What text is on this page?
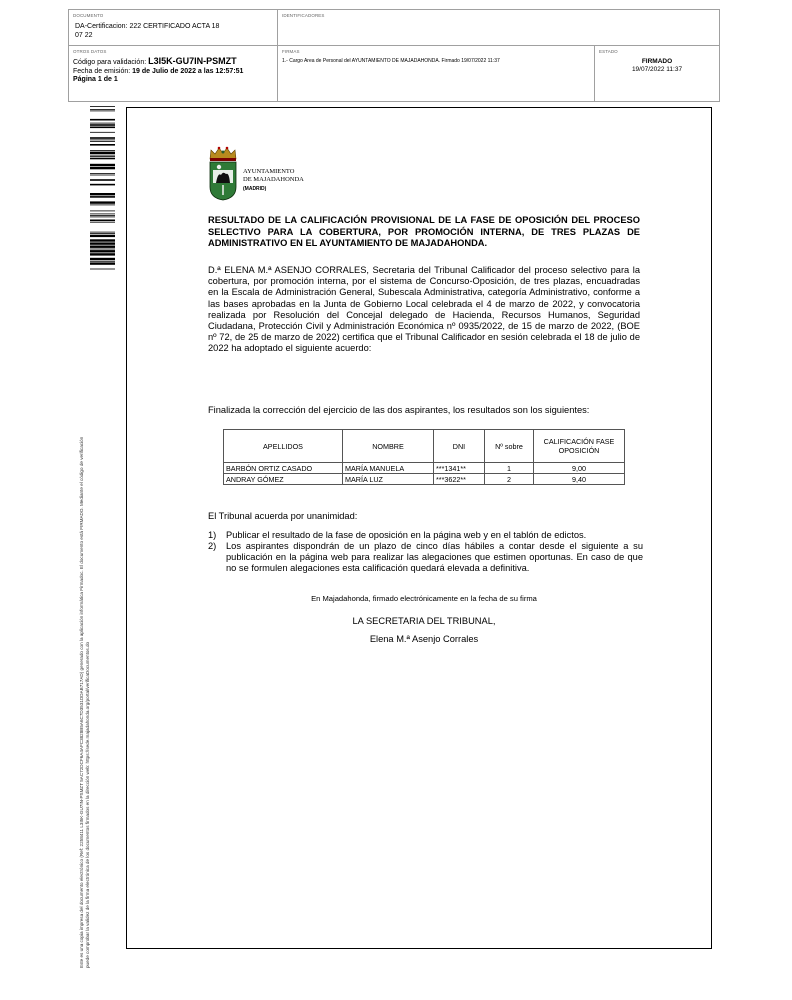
DOCUMENTO
DA-Certificacion: 222 CERTIFICADO ACTA 18 07 22
IDENTIFICADORES
OTROS DATOS
Código para validación: L3I5K-GU7IN-PSMZT
Fecha de emisión: 19 de Julio de 2022 a las 12:57:51
Página 1 de 1
FIRMAS
1.- Cargo Area de Personal del AYUNTAMIENTO DE MAJADAHONDA. Firmado 19/07/2022 11:37
ESTADO
FIRMADO
19/07/2022 11:37
Este es una copia impresa del documento electrónico (Ref: 2258411 L3I5K-GU7IN-PSMZT 5AC72DCF6A4AFC3828B5A6C7D3531DDAB717AD) generado con la aplicación informática Firmadoc. El documento está FIRMADO. Mediante el código de verificación puede comprobar la validez de la firma electrónica de los documentos firmados en la dirección web: https://sede.majadahonda.org/portal/verificaDocumentos.do
AYUNTAMIENTO
DE MAJADAHONDA
(MADRID)
RESULTADO DE LA CALIFICACIÓN PROVISIONAL DE LA FASE DE OPOSICIÓN DEL PROCESO SELECTIVO PARA LA COBERTURA, POR PROMOCIÓN INTERNA, DE TRES PLAZAS DE ADMINISTRATIVO EN EL AYUNTAMIENTO DE MAJADAHONDA.
D.ª ELENA M.ª ASENJO CORRALES, Secretaria del Tribunal Calificador del proceso selectivo para la cobertura, por promoción interna, por el sistema de Concurso-Oposición, de tres plazas, encuadradas en la Escala de Administración General, Subescala Administrativa, categoría Administrativo, conforme a las bases aprobadas en la Junta de Gobierno Local celebrada el 4 de marzo de 2022, y convocatoria realizada por Resolución del Concejal delegado de Hacienda, Recursos Humanos, Seguridad Ciudadana, Protección Civil y Administración Económica nº 0935/2022, de 15 de marzo de 2022, (BOE nº 72, de 25 de marzo de 2022) certifica que el Tribunal Calificador en sesión celebrada el 18 de julio de 2022 ha adoptado el siguiente acuerdo:
Finalizada la corrección del ejercicio de las dos aspirantes, los resultados son los siguientes:
APELLIDOS	NOMBRE	DNI	Nº sobre	CALIFICACIÓN FASE OPOSICIÓN
BARBÓN ORTIZ CASADO	MARÍA MANUELA	***1341**	1	9,00
ANDRAY GÓMEZ	MARÍA LUZ	***3622**	2	9,40
El Tribunal acuerda por unanimidad:
1)	Publicar el resultado de la fase de oposición en la página web y en el tablón de edictos.
2)	Los aspirantes dispondrán de un plazo de cinco días hábiles a contar desde el siguiente a su publicación en la página web para realizar las alegaciones que estimen oportunas. En caso de que no se formulen alegaciones esta calificación quedará elevada a definitiva.
En Majadahonda, firmado electrónicamente en la fecha de su firma
LA SECRETARIA DEL TRIBUNAL,
Elena M.ª Asenjo Corrales
